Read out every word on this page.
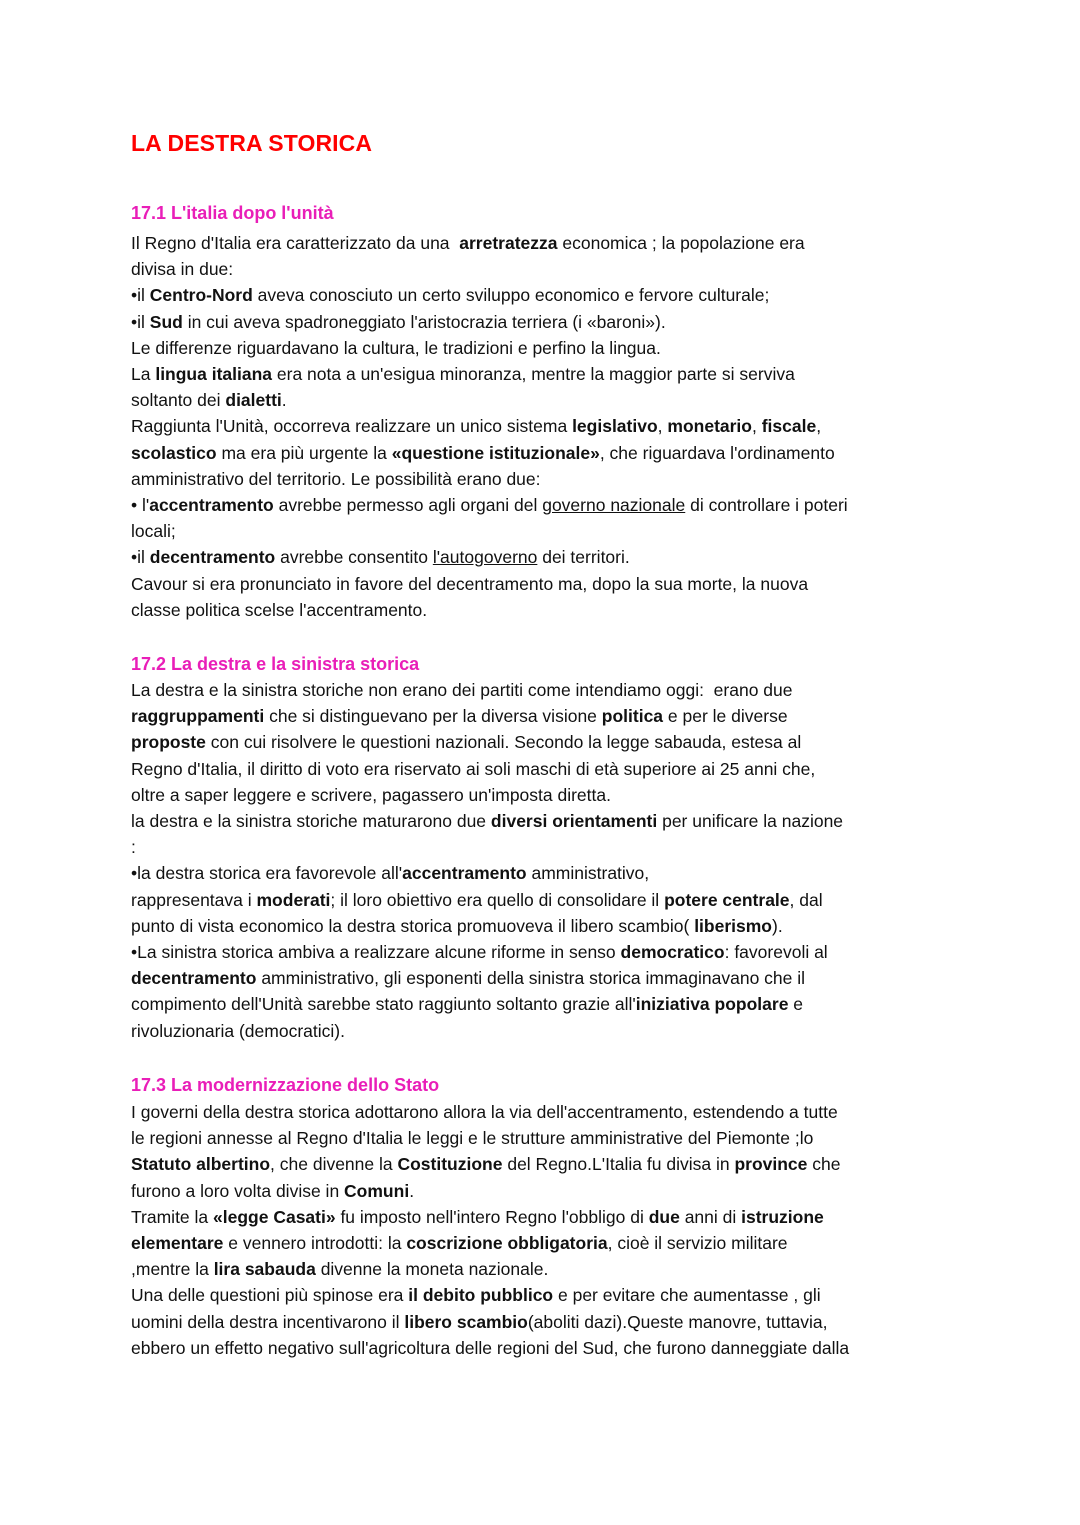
LA DESTRA STORICA
17.1 L'italia dopo l'unità
Il Regno d'Italia era caratterizzato da una  arretratezza economica ; la popolazione era
divisa in due:
•il Centro-Nord aveva conosciuto un certo sviluppo economico e fervore culturale;
•il Sud in cui aveva spadroneggiato l'aristocrazia terriera (i «baroni»).
Le differenze riguardavano la cultura, le tradizioni e perfino la lingua.
La lingua italiana era nota a un'esigua minoranza, mentre la maggior parte si serviva
soltanto dei dialetti.
Raggiunta l'Unità, occorreva realizzare un unico sistema legislativo, monetario, fiscale,
scolastico ma era più urgente la «questione istituzionale», che riguardava l'ordinamento
amministrativo del territorio. Le possibilità erano due:
• l'accentramento avrebbe permesso agli organi del governo nazionale di controllare i poteri
locali;
•il decentramento avrebbe consentito l'autogoverno dei territori.
Cavour si era pronunciato in favore del decentramento ma, dopo la sua morte, la nuova
classe politica scelse l'accentramento.
17.2 La destra e la sinistra storica
La destra e la sinistra storiche non erano dei partiti come intendiamo oggi:  erano due
raggruppamenti che si distinguevano per la diversa visione politica e per le diverse
proposte con cui risolvere le questioni nazionali. Secondo la legge sabauda, estesa al
Regno d'Italia, il diritto di voto era riservato ai soli maschi di età superiore ai 25 anni che,
oltre a saper leggere e scrivere, pagassero un'imposta diretta.
la destra e la sinistra storiche maturarono due diversi orientamenti per unificare la nazione
:
•la destra storica era favorevole all'accentramento amministrativo,
rappresentava i moderati; il loro obiettivo era quello di consolidare il potere centrale, dal
punto di vista economico la destra storica promuoveva il libero scambio( liberismo).
•La sinistra storica ambiva a realizzare alcune riforme in senso democratico: favorevoli al
decentramento amministrativo, gli esponenti della sinistra storica immaginavano che il
compimento dell'Unità sarebbe stato raggiunto soltanto grazie all'iniziativa popolare e
rivoluzionaria (democratici).
17.3 La modernizzazione dello Stato
I governi della destra storica adottarono allora la via dell'accentramento, estendendo a tutte
le regioni annesse al Regno d'Italia le leggi e le strutture amministrative del Piemonte ;lo
Statuto albertino, che divenne la Costituzione del Regno.L'Italia fu divisa in province che
furono a loro volta divise in Comuni.
Tramite la «legge Casati» fu imposto nell'intero Regno l'obbligo di due anni di istruzione
elementare e vennero introdotti: la coscrizione obbligatoria, cioè il servizio militare
,mentre la lira sabauda divenne la moneta nazionale.
Una delle questioni più spinose era il debito pubblico e per evitare che aumentasse , gli
uomini della destra incentivarono il libero scambio(aboliti dazi).Queste manovre, tuttavia,
ebbero un effetto negativo sull'agricoltura delle regioni del Sud, che furono danneggiate dalla
